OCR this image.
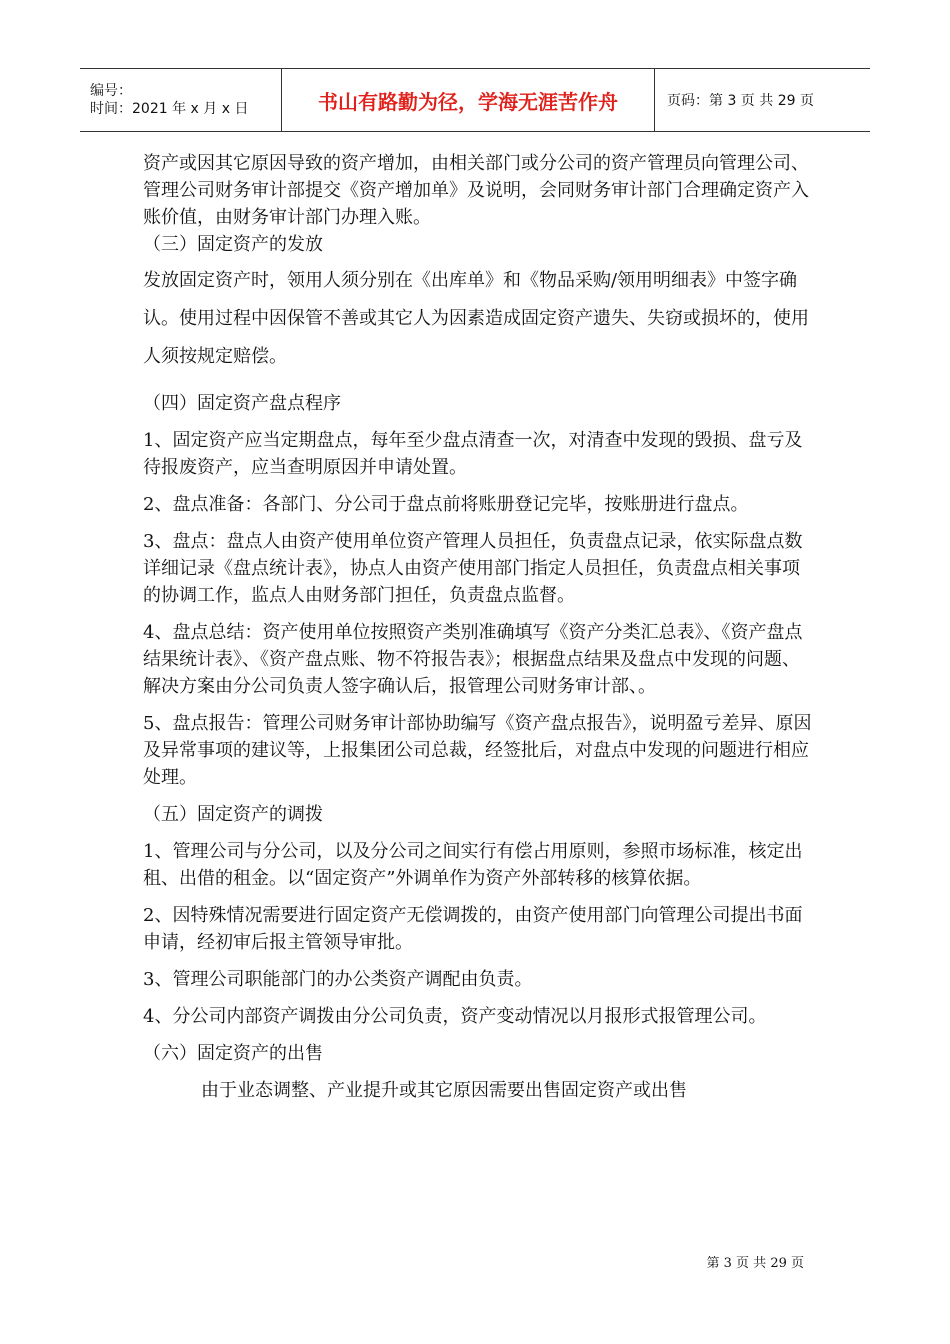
编号：
时间：2021 年 x 月 x 日	书山有路勤为径，学海无涯苦作舟	页码：第 3 页 共 29 页

资产或因其它原因导致的资产增加，由相关部门或分公司的资产管理员向管理公司、管理公司财务审计部提交《资产增加单》及说明，会同财务审计部门合理确定资产入账价值，由财务审计部门办理入账。

（三）固定资产的发放

发放固定资产时，领用人须分别在《出库单》和《物品采购/领用明细表》中签字确认。使用过程中因保管不善或其它人为因素造成固定资产遗失、失窃或损坏的，使用人须按规定赔偿。

（四）固定资产盘点程序

1、固定资产应当定期盘点，每年至少盘点清查一次，对清查中发现的毁损、盘亏及待报废资产，应当查明原因并申请处置。

2、盘点准备：各部门、分公司于盘点前将账册登记完毕，按账册进行盘点。

3、盘点：盘点人由资产使用单位资产管理人员担任，负责盘点记录，依实际盘点数详细记录《盘点统计表》，协点人由资产使用部门指定人员担任，负责盘点相关事项的协调工作，监点人由财务部门担任，负责盘点监督。

4、盘点总结：资产使用单位按照资产类别准确填写《资产分类汇总表》、《资产盘点结果统计表》、《资产盘点账、物不符报告表》；根据盘点结果及盘点中发现的问题、解决方案由分公司负责人签字确认后，报管理公司财务审计部、。

5、盘点报告：管理公司财务审计部协助编写《资产盘点报告》，说明盈亏差异、原因及异常事项的建议等，上报集团公司总裁，经签批后，对盘点中发现的问题进行相应处理。

（五）固定资产的调拨

1、管理公司与分公司，以及分公司之间实行有偿占用原则，参照市场标准，核定出租、出借的租金。以“固定资产”外调单作为资产外部转移的核算依据。

2、因特殊情况需要进行固定资产无偿调拨的，由资产使用部门向管理公司提出书面申请，经初审后报主管领导审批。

3、管理公司职能部门的办公类资产调配由负责。

4、分公司内部资产调拨由分公司负责，资产变动情况以月报形式报管理公司。

（六）固定资产的出售

由于业态调整、产业提升或其它原因需要出售固定资产或出售

第 3 页 共 29 页
